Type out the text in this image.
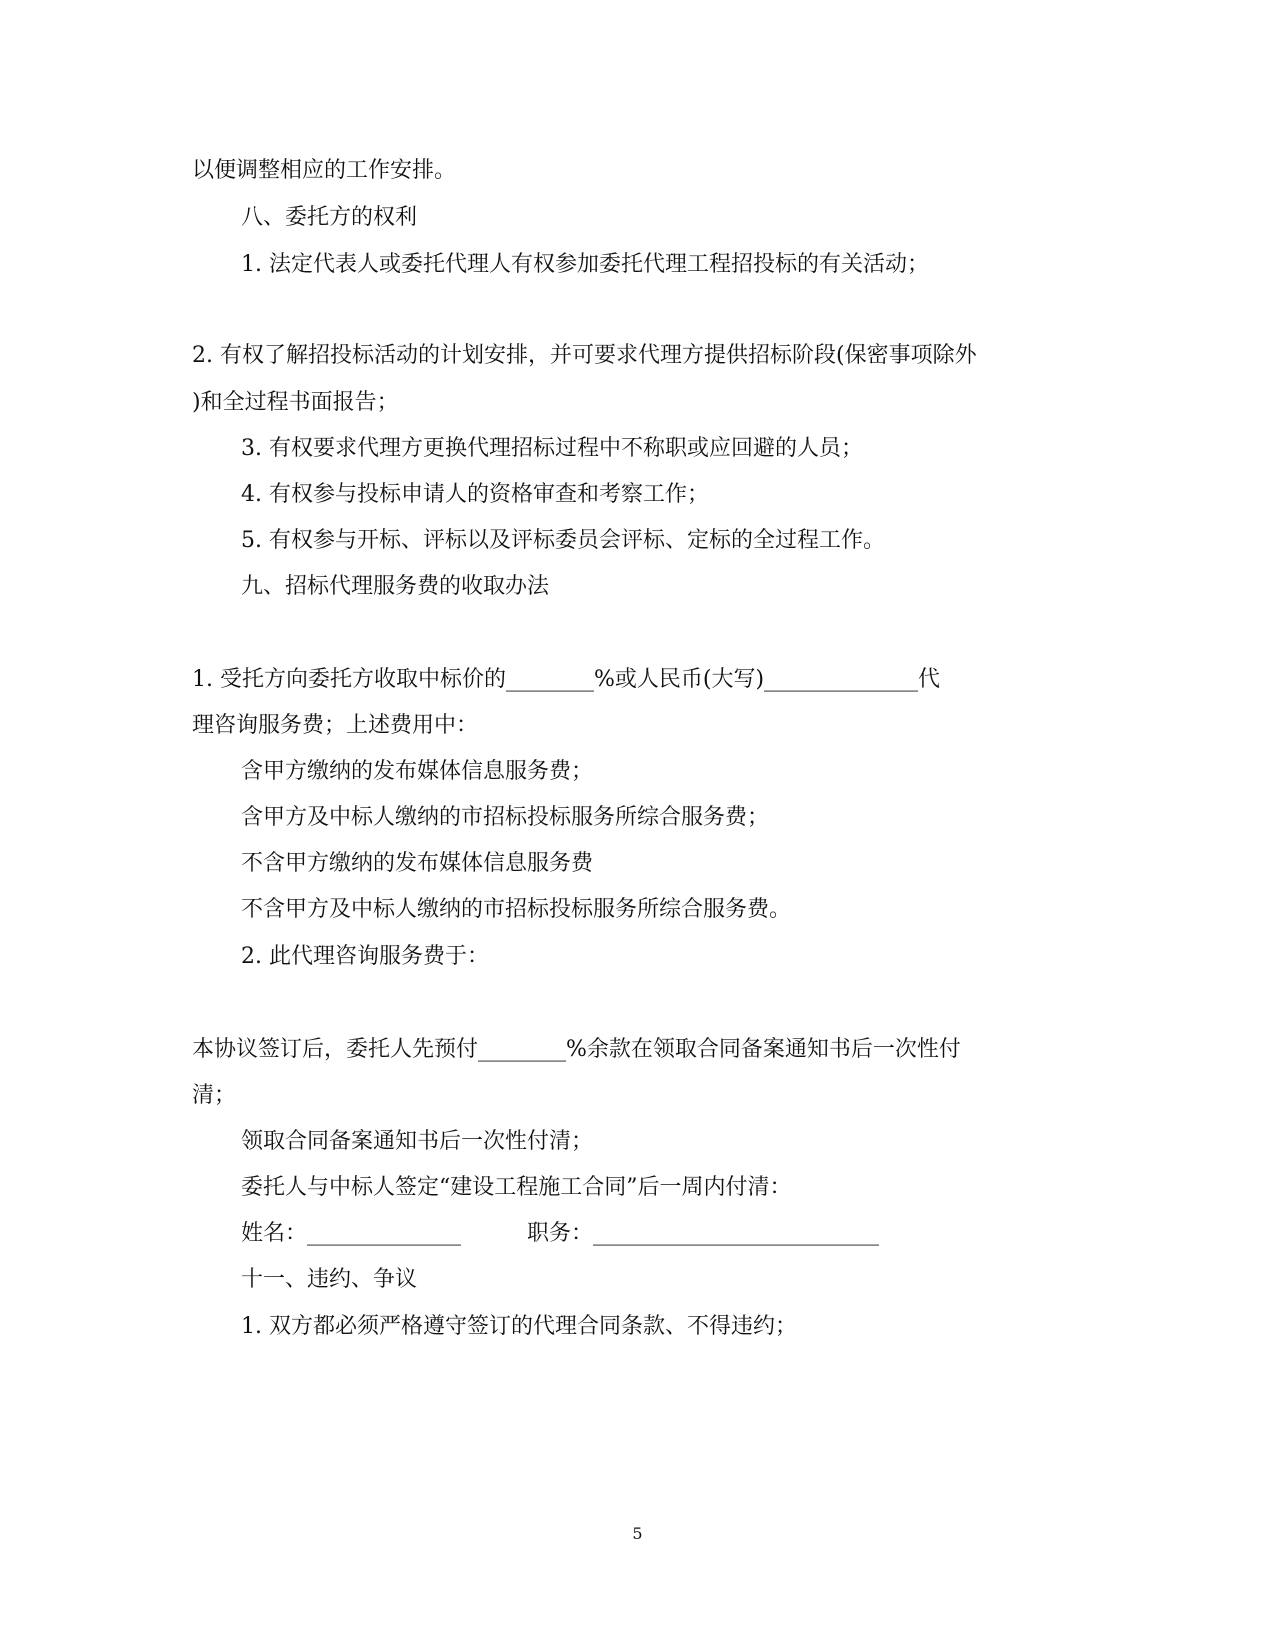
以便调整相应的工作安排。
八、委托方的权利
1. 法定代表人或委托代理人有权参加委托代理工程招投标的有关活动；
2. 有权了解招投标活动的计划安排，并可要求代理方提供招标阶段(保密事项除外
)和全过程书面报告；
3. 有权要求代理方更换代理招标过程中不称职或应回避的人员；
4. 有权参与投标申请人的资格审查和考察工作；
5. 有权参与开标、评标以及评标委员会评标、定标的全过程工作。
九、招标代理服务费的收取办法
1. 受托方向委托方收取中标价的________%或人民币(大写)______________代
理咨询服务费；上述费用中：
含甲方缴纳的发布媒体信息服务费；
含甲方及中标人缴纳的市招标投标服务所综合服务费；
不含甲方缴纳的发布媒体信息服务费
不含甲方及中标人缴纳的市招标投标服务所综合服务费。
2. 此代理咨询服务费于：
本协议签订后，委托人先预付________%余款在领取合同备案通知书后一次性付
清；
领取合同备案通知书后一次性付清；
委托人与中标人签定“建设工程施工合同”后一周内付清：
姓名：______________　　　职务：__________________________
十一、违约、争议
1. 双方都必须严格遵守签订的代理合同条款、不得违约；
5
